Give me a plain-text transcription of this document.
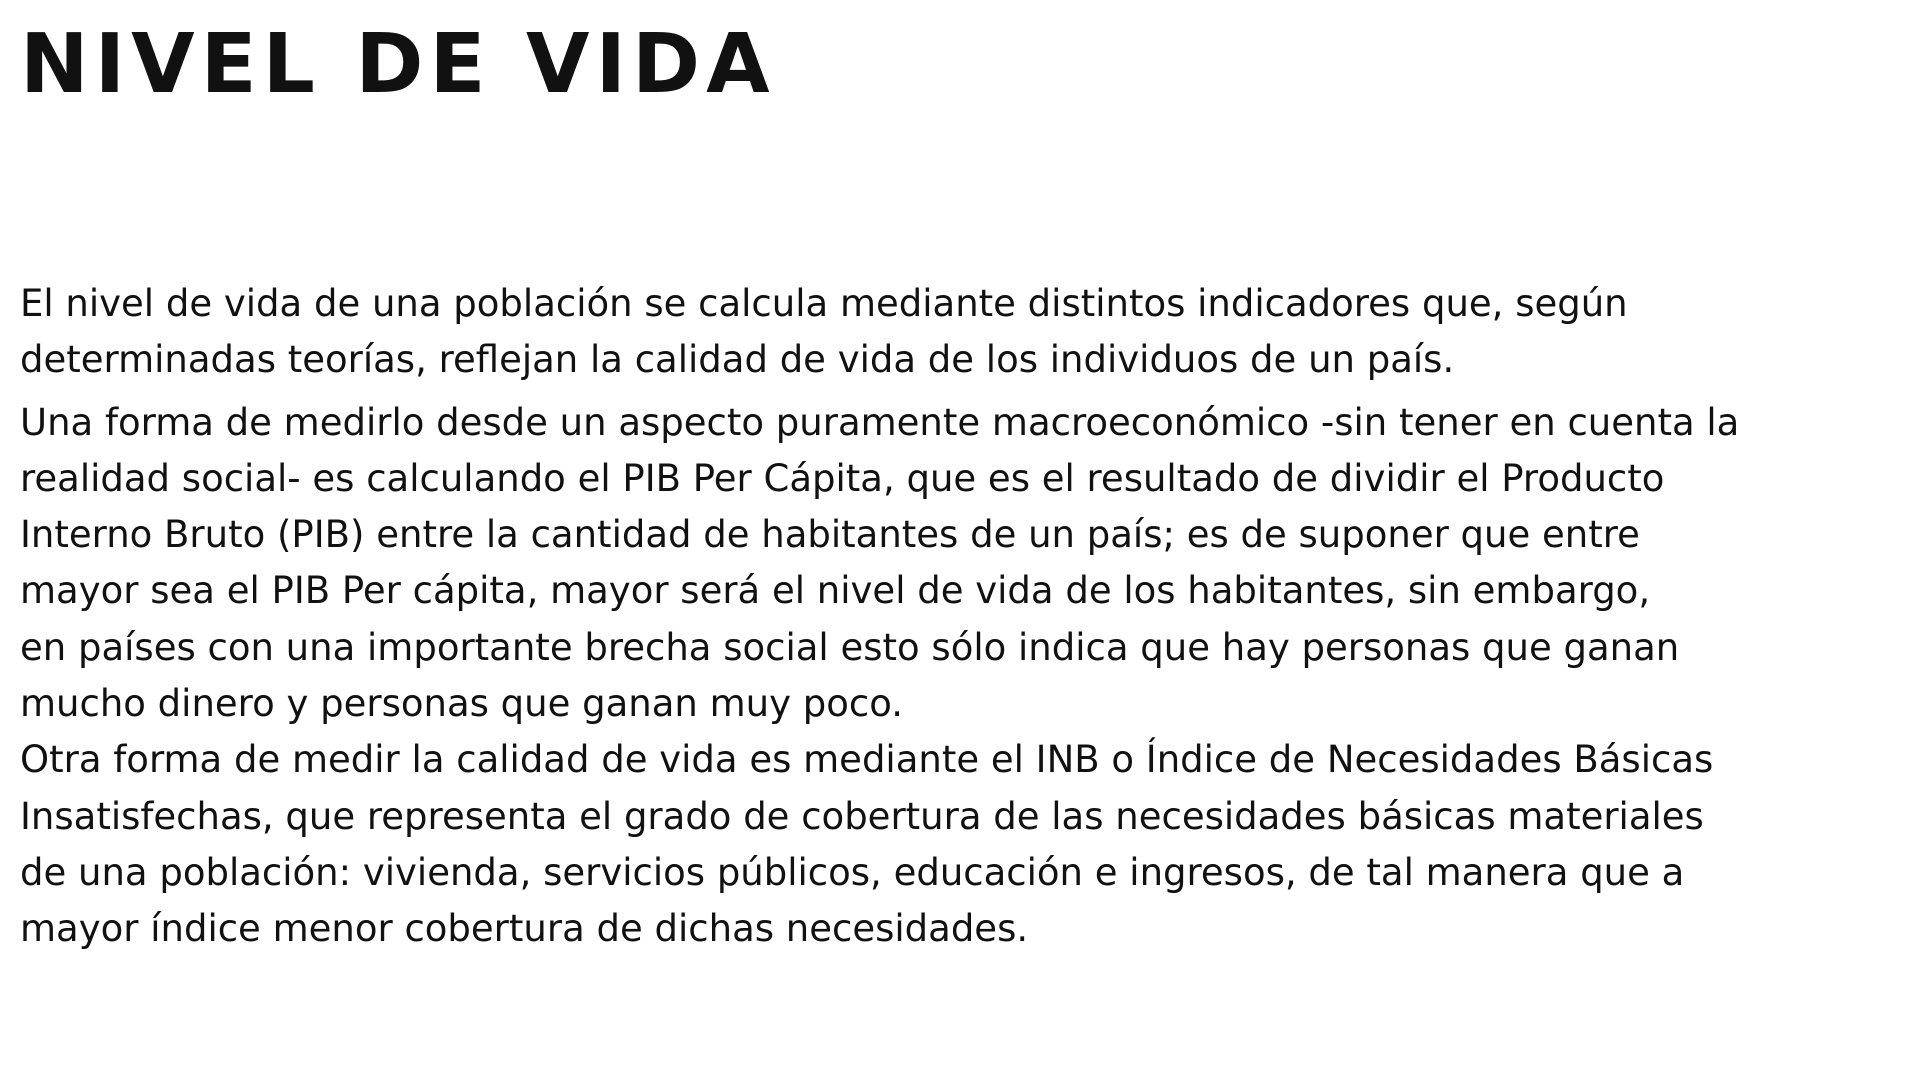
NIVEL DE VIDA
El nivel de vida de una población se calcula mediante distintos indicadores que, según
determinadas teorías, reflejan la calidad de vida de los individuos de un país.
Una forma de medirlo desde un aspecto puramente macroeconómico -sin tener en cuenta la
realidad social- es calculando el PIB Per Cápita, que es el resultado de dividir el Producto
Interno Bruto (PIB) entre la cantidad de habitantes de un país; es de suponer que entre
mayor sea el PIB Per cápita, mayor será el nivel de vida de los habitantes, sin embargo,
en países con una importante brecha social esto sólo indica que hay personas que ganan
mucho dinero y personas que ganan muy poco.
Otra forma de medir la calidad de vida es mediante el INB o Índice de Necesidades Básicas
Insatisfechas, que representa el grado de cobertura de las necesidades básicas materiales
de una población: vivienda, servicios públicos, educación e ingresos, de tal manera que a
mayor índice menor cobertura de dichas necesidades.
